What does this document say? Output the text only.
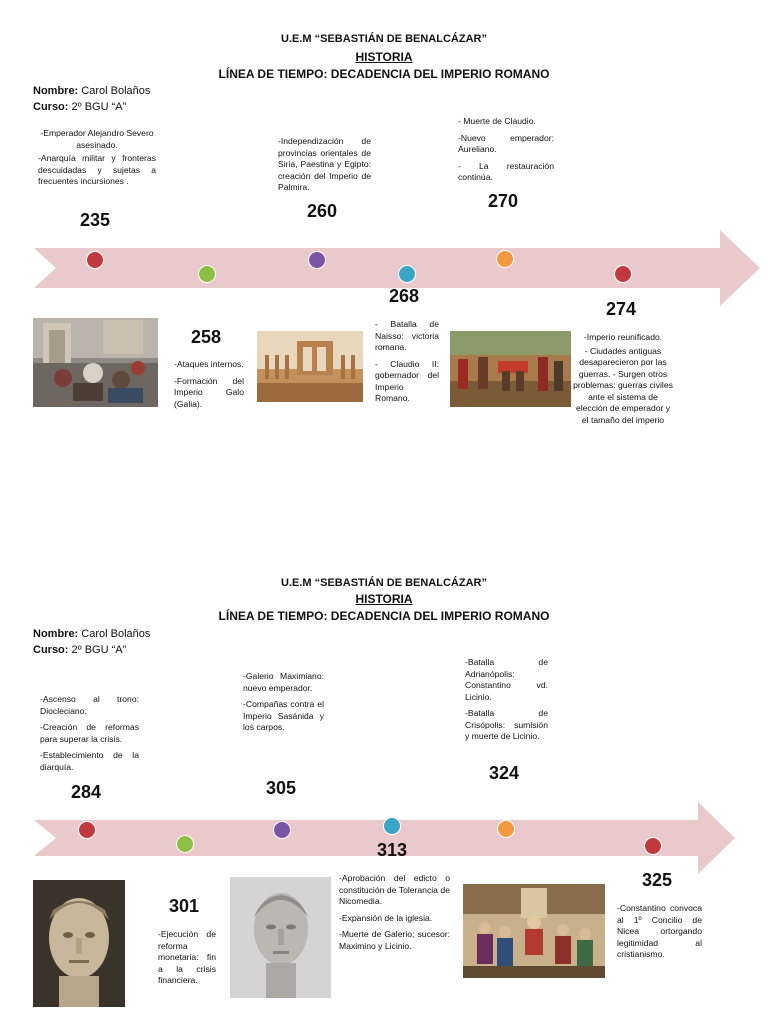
U.E.M “SEBASTIÁN DE BENALCÁZAR”
HISTORIA
LÍNEA DE TIEMPO: DECADENCIA DEL IMPERIO ROMANO
Nombre: Carol Bolaños
Curso: 2º BGU “A”

-Emperador Alejandro Severo asesinado.

-Anarquía militar y fronteras descuidadas y sujetas a frecuentes incursiones .

235
258

-Ataques internos.

-Formación del Imperio Galo (Galia).

-Independización de provincias orientales de Siria, Paestina y Egipto: creación del Imperio de Palmira.

260
268

- Batalla de Naisso: victoria romana.

- Claudio II: gobernador del Imperio Romano.

- Muerte de Claudio.

-Nuevo emperador: Aureliano.

- La restauración continúa.

270
274

-Imperio reunificado.

- Ciudades antiguas desaparecieron por las guerras. - Surgen otros problemas: guerras civiles ante el sistema de elección de emperador y el tamaño del imperio

U.E.M “SEBASTIÁN DE BENALCÁZAR”
HISTORIA
LÍNEA DE TIEMPO: DECADENCIA DEL IMPERIO ROMANO
Nombre: Carol Bolaños
Curso: 2º BGU “A”

-Ascenso al trono: Diocleciano.

-Creación de reformas para superar la crisis.

-Establecimiento de la diarquía.

284
301

-Ejecución de reforma monetaria: fin a la crisis financiera.

-Galerio Maximiano: nuevo emperador.

-Compañas contra el Imperio Sasánida y los carpos.

305
313

-Aprobación del edicto o constitución de Tolerancia de Nicomedia.

-Expansión de la iglesia.

-Muerte de Galerio; sucesor: Maximino y Licinio.

-Batalla de Adrianópolis: Constantino vd. Licinio.

-Batalla de Crisópolis: sumisión y muerte de Licinio.

324
325

-Constantino convoca al 1º Concilio de Nicea ortorgando legitimidad al cristianismo.
